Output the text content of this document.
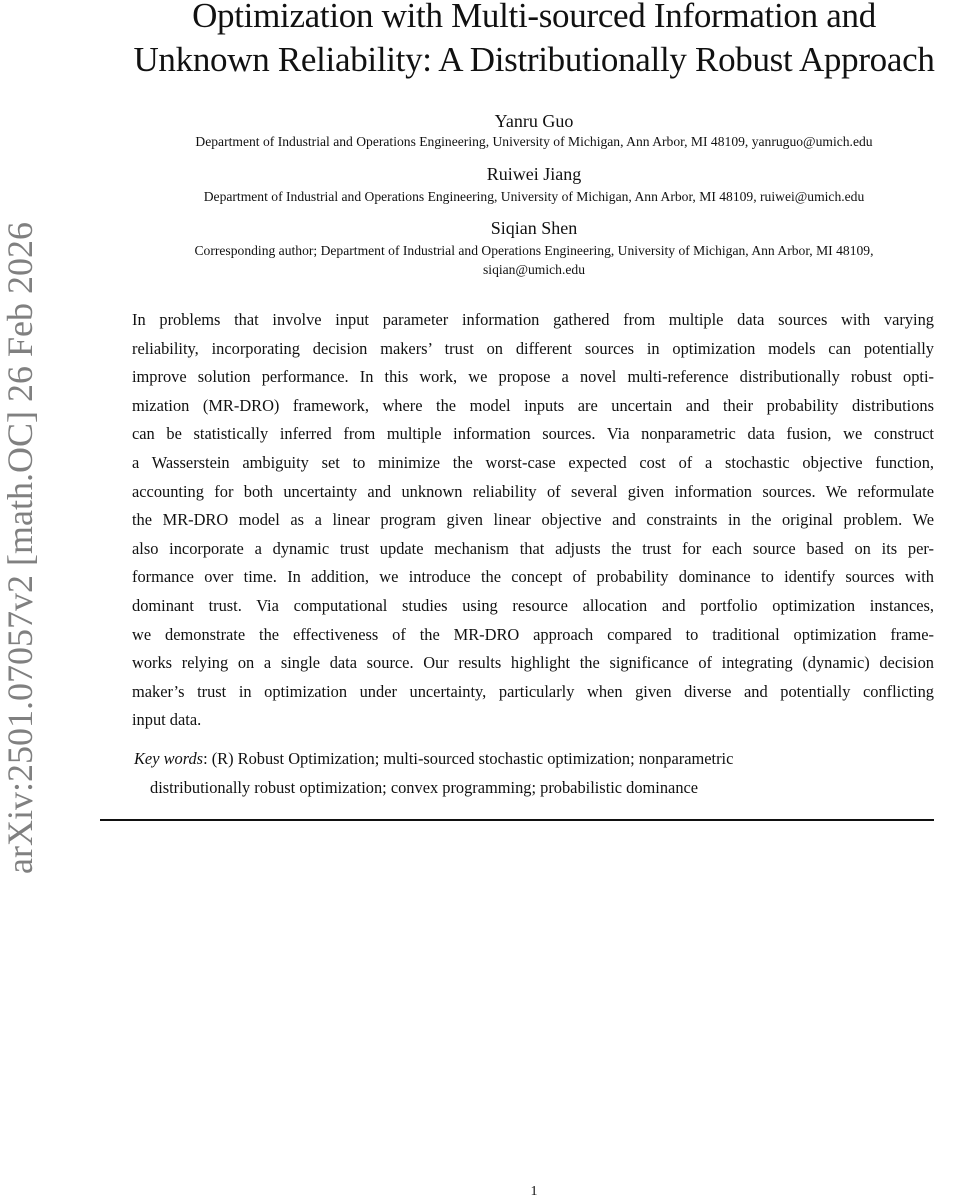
arXiv:2501.07057v2 [math.OC] 26 Feb 2026
Optimization with Multi-sourced Information and
Unknown Reliability: A Distributionally Robust Approach
Yanru Guo
Department of Industrial and Operations Engineering, University of Michigan, Ann Arbor, MI 48109, yanruguo@umich.edu
Ruiwei Jiang
Department of Industrial and Operations Engineering, University of Michigan, Ann Arbor, MI 48109, ruiwei@umich.edu
Siqian Shen
Corresponding author; Department of Industrial and Operations Engineering, University of Michigan, Ann Arbor, MI 48109,
siqian@umich.edu
In problems that involve input parameter information gathered from multiple data sources with varying
reliability, incorporating decision makers’ trust on different sources in optimization models can potentially
improve solution performance. In this work, we propose a novel multi-reference distributionally robust opti-
mization (MR-DRO) framework, where the model inputs are uncertain and their probability distributions
can be statistically inferred from multiple information sources. Via nonparametric data fusion, we construct
a Wasserstein ambiguity set to minimize the worst-case expected cost of a stochastic objective function,
accounting for both uncertainty and unknown reliability of several given information sources. We reformulate
the MR-DRO model as a linear program given linear objective and constraints in the original problem. We
also incorporate a dynamic trust update mechanism that adjusts the trust for each source based on its per-
formance over time. In addition, we introduce the concept of probability dominance to identify sources with
dominant trust. Via computational studies using resource allocation and portfolio optimization instances,
we demonstrate the effectiveness of the MR-DRO approach compared to traditional optimization frame-
works relying on a single data source. Our results highlight the significance of integrating (dynamic) decision
maker’s trust in optimization under uncertainty, particularly when given diverse and potentially conflicting
input data.
Key words: (R) Robust Optimization; multi-sourced stochastic optimization; nonparametric
distributionally robust optimization; convex programming; probabilistic dominance
1
